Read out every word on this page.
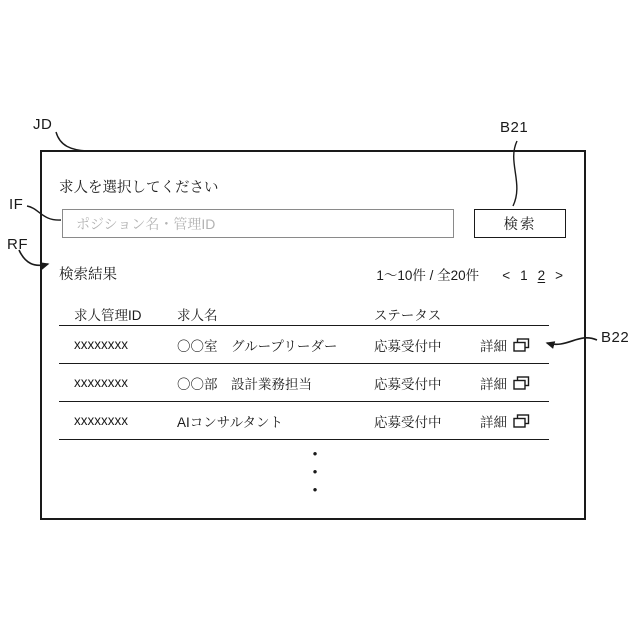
JD
IF
RF
B21
B22
求人を選択してください
ポジション名・管理ID
検索
検索結果	1〜10件 / 全20件 < 1 2 >
求人管理ID	求人名	ステータス
xxxxxxxx	〇〇室　グループリーダー	応募受付中	詳細
xxxxxxxx	〇〇部　設計業務担当	応募受付中	詳細
xxxxxxxx	AIコンサルタント	応募受付中	詳細
•
•
•
